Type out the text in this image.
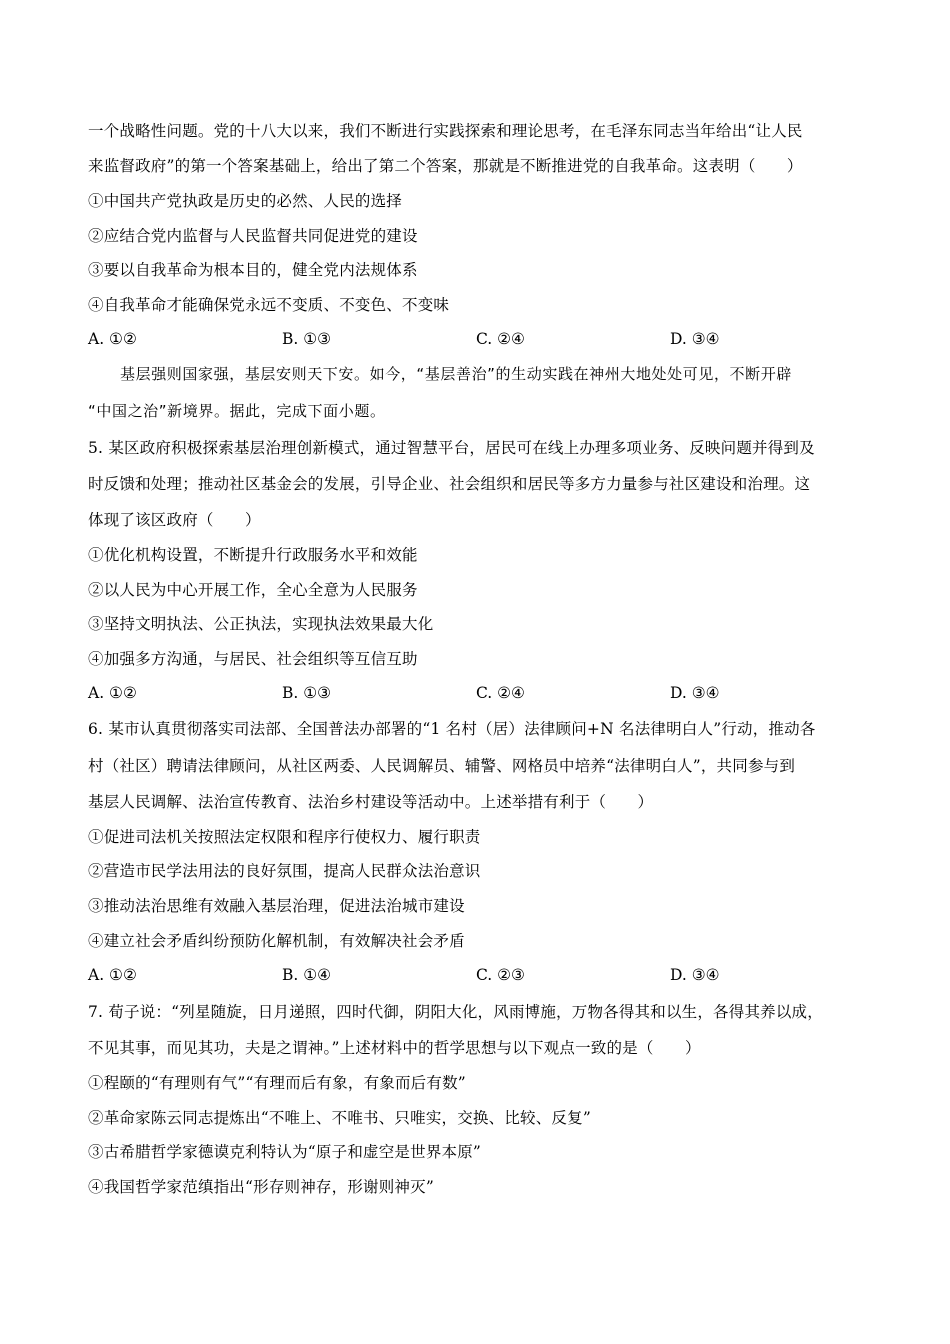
一个战略性问题。党的十八大以来，我们不断进行实践探索和理论思考，在毛泽东同志当年给出“让人民
来监督政府”的第一个答案基础上，给出了第二个答案，那就是不断推进党的自我革命。这表明（　　）
①中国共产党执政是历史的必然、人民的选择
②应结合党内监督与人民监督共同促进党的建设
③要以自我革命为根本目的，健全党内法规体系
④自我革命才能确保党永远不变质、不变色、不变味
A. ①②	B. ①③	C. ②④	D. ③④
基层强则国家强，基层安则天下安。如今，“基层善治”的生动实践在神州大地处处可见，不断开辟
“中国之治”新境界。据此，完成下面小题。
5. 某区政府积极探索基层治理创新模式，通过智慧平台，居民可在线上办理多项业务、反映问题并得到及
时反馈和处理；推动社区基金会的发展，引导企业、社会组织和居民等多方力量参与社区建设和治理。这
体现了该区政府（　　）
①优化机构设置，不断提升行政服务水平和效能
②以人民为中心开展工作，全心全意为人民服务
③坚持文明执法、公正执法，实现执法效果最大化
④加强多方沟通，与居民、社会组织等互信互助
A. ①②	B. ①③	C. ②④	D. ③④
6. 某市认真贯彻落实司法部、全国普法办部署的“1 名村（居）法律顾问+N 名法律明白人”行动，推动各
村（社区）聘请法律顾问，从社区两委、人民调解员、辅警、网格员中培养“法律明白人”，共同参与到
基层人民调解、法治宣传教育、法治乡村建设等活动中。上述举措有利于（　　）
①促进司法机关按照法定权限和程序行使权力、履行职责
②营造市民学法用法的良好氛围，提高人民群众法治意识
③推动法治思维有效融入基层治理，促进法治城市建设
④建立社会矛盾纠纷预防化解机制，有效解决社会矛盾
A. ①②	B. ①④	C. ②③	D. ③④
7. 荀子说：“列星随旋，日月递照，四时代御，阴阳大化，风雨博施，万物各得其和以生，各得其养以成，
不见其事，而见其功，夫是之谓神。”上述材料中的哲学思想与以下观点一致的是（　　）
①程颐的“有理则有气”“有理而后有象，有象而后有数”
②革命家陈云同志提炼出“不唯上、不唯书、只唯实，交换、比较、反复”
③古希腊哲学家德谟克利特认为“原子和虚空是世界本原”
④我国哲学家范缜指出“形存则神存，形谢则神灭”
